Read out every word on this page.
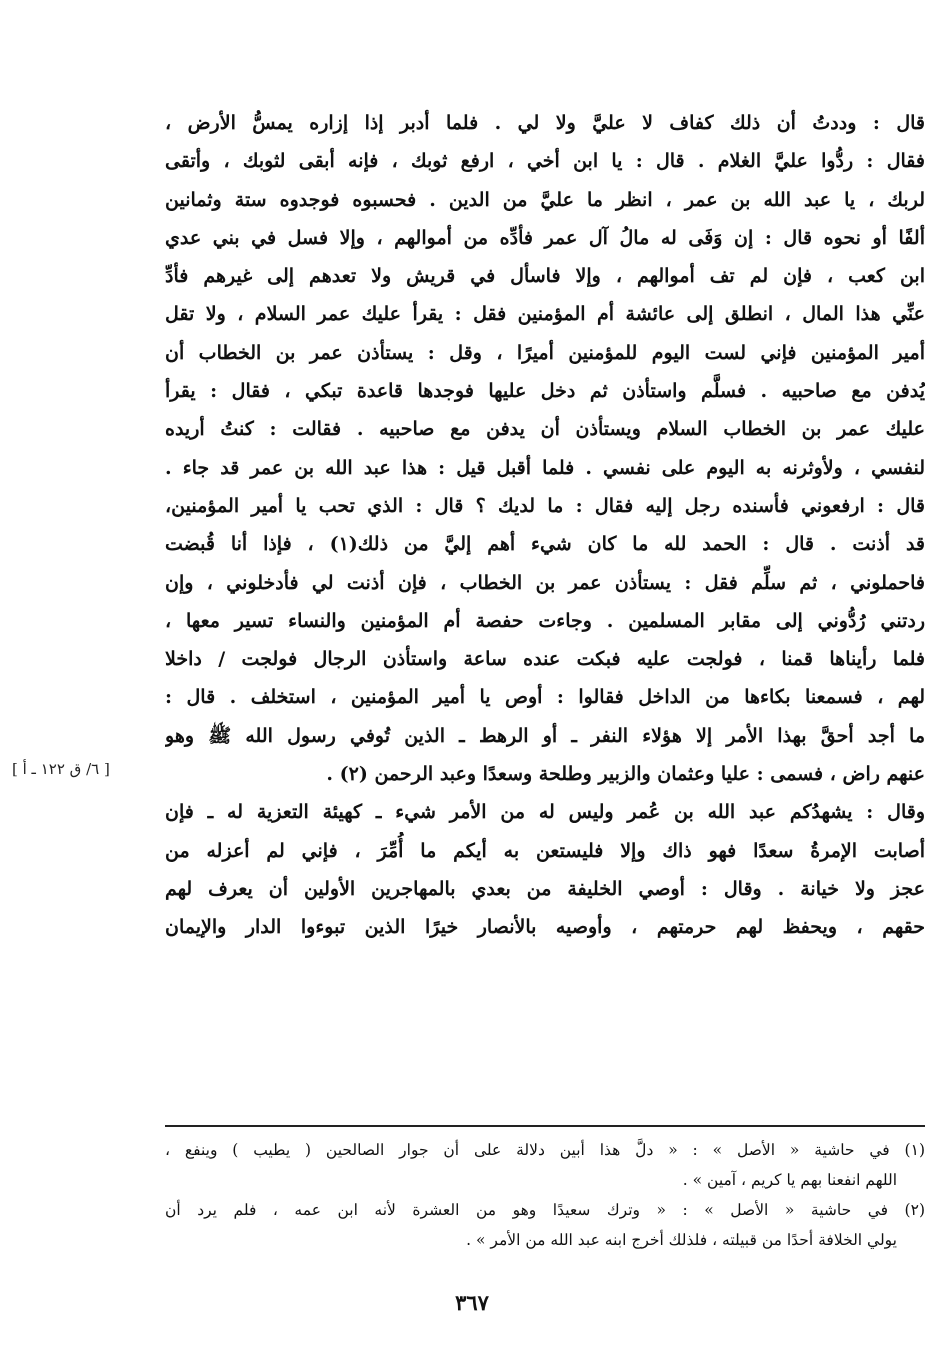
قال : وددتُ أن ذلك كفاف لا عليَّ ولا لي . فلما أدبر إذا إزاره يمسُّ الأرض ،
فقال : ردُّوا عليَّ الغلام . قال : يا ابن أخي ، ارفع ثوبك ، فإنه أبقى لثوبك ، وأتقى
لربك ، يا عبد الله بن عمر ، انظر ما عليَّ من الدين . فحسبوه فوجدوه ستة وثمانين
ألفًا أو نحوه قال : إن وَفَى له مالُ آل عمر فأدِّه من أموالهم ، وإلا فسل في بني عدي
ابن كعب ، فإن لم تف أموالهم ، وإلا فاسأل في قريش ولا تعدهم إلى غيرهم فأدِّ
عنِّي هذا المال ، انطلق إلى عائشة أم المؤمنين فقل : يقرأ عليك عمر السلام ، ولا تقل
أمير المؤمنين فإني لست اليوم للمؤمنين أميرًا ، وقل : يستأذن عمر بن الخطاب أن
يُدفن مع صاحبيه . فسلَّم واستأذن ثم دخل عليها فوجدها قاعدة تبكي ، فقال : يقرأ
عليك عمر بن الخطاب السلام ويستأذن أن يدفن مع صاحبيه . فقالت : كنتُ أريده
لنفسي ، ولأوثرنه به اليوم على نفسي . فلما أقبل قيل : هذا عبد الله بن عمر قد جاء .
قال : ارفعوني فأسنده رجل إليه فقال : ما لديك ؟ قال : الذي تحب يا أمير المؤمنين،
قد أذنت . قال : الحمد لله ما كان شيء أهم إليَّ من ذلك(١) ، فإذا أنا قُبضت
فاحملوني ، ثم سلِّم فقل : يستأذن عمر بن الخطاب ، فإن أذنت لي فأدخلوني ، وإن
ردتني رُدُّوني إلى مقابر المسلمين . وجاءت حفصة أم المؤمنين والنساء تسير معها ،
فلما رأيناها قمنا ، فولجت عليه فبكت عنده ساعة واستأذن الرجال فولجت / داخلا
لهم ، فسمعنا بكاءها من الداخل فقالوا : أوص يا أمير المؤمنين ، استخلف . قال :
ما أجد أحقَّ بهذا الأمر إلا هؤلاء النفر ـ أو الرهط ـ الذين تُوفي رسول الله ﷺ وهو
عنهم راض ، فسمى : عليا وعثمان والزبير وطلحة وسعدًا وعبد الرحمن (٢) .
وقال : يشهدُكم عبد الله بن عُمر وليس له من الأمر شيء ـ كهيئة التعزية له ـ فإن
أصابت الإمرةُ سعدًا فهو ذاك وإلا فليستعن به أيكم ما أُمِّرَ ، فإني لم أعزله من
عجز ولا خيانة . وقال : أوصي الخليفة من بعدي بالمهاجرين الأولين أن يعرف لهم
حقهم ، ويحفظ لهم حرمتهم ، وأوصيه بالأنصار خيرًا الذين تبوءوا الدار والإيمان
[ ٦/ ق ١٢٢ ـ أ ]
(١) في حاشية « الأصل » : « دلَّ هذا أبين دلالة على أن جوار الصالحين ( يطيب ) وينفع ،
اللهم انفعنا بهم يا كريم ، آمين » .
(٢) في حاشية « الأصل » : « وترك سعيدًا وهو من العشرة لأنه ابن عمه ، فلم يرد أن
يولي الخلافة أحدًا من قبيلته ، فلذلك أخرج ابنه عبد الله من الأمر » .
٣٦٧
